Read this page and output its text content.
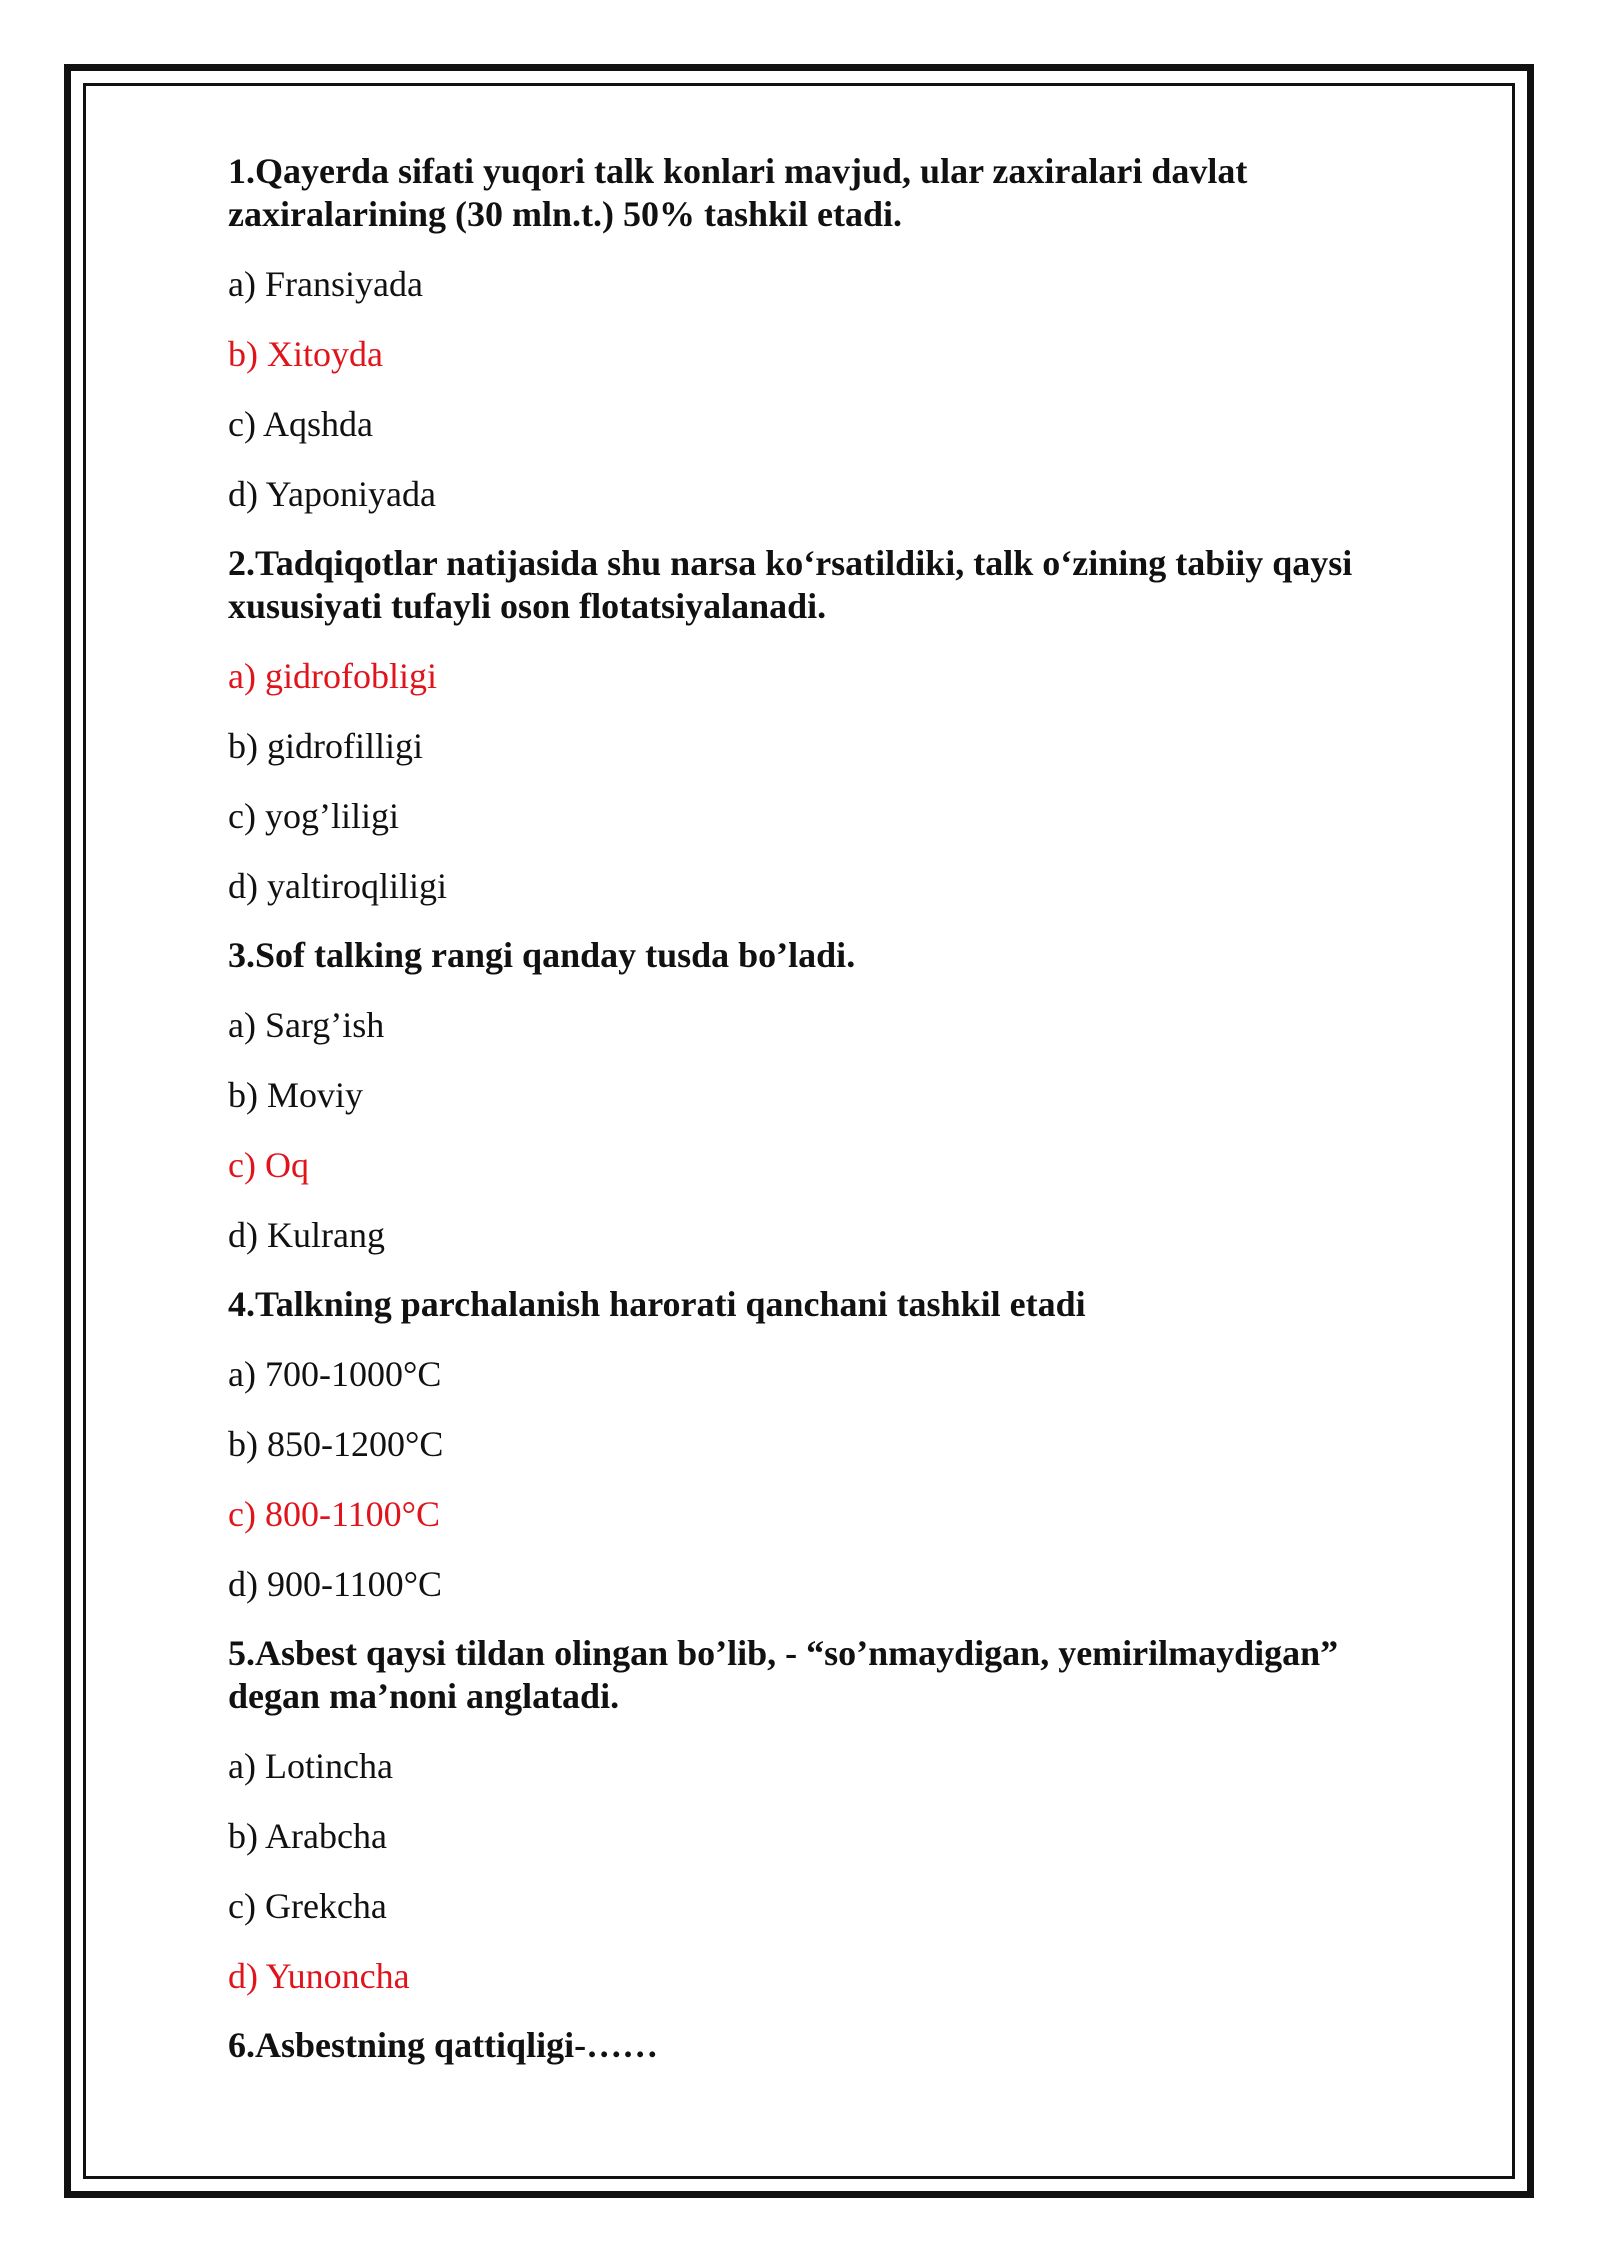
1.Qayerda sifati yuqori talk konlari mavjud, ular zaxiralari davlat zaxiralarining (30 mln.t.) 50% tashkil etadi.
a) Fransiyada
b) Xitoyda
c) Aqshda
d) Yaponiyada
2.Tadqiqotlar natijasida shu narsa ko‘rsatildiki, talk o‘zining tabiiy qaysi xususiyati tufayli oson flotatsiyalanadi.
a) gidrofobligi
b) gidrofilligi
c) yog’liligi
d) yaltiroqliligi
3.Sof talking rangi qanday tusda bo’ladi.
a) Sarg’ish
b) Moviy
c) Oq
d) Kulrang
4.Talkning parchalanish harorati qanchani tashkil etadi
a) 700-1000°C
b) 850-1200°C
c) 800-1100°C
d) 900-1100°C
5.Asbest qaysi tildan olingan bo’lib, - “so’nmaydigan, yemirilmaydigan” degan ma’noni anglatadi.
a) Lotincha
b) Arabcha
c) Grekcha
d) Yunoncha
6.Asbestning qattiqligi-……
